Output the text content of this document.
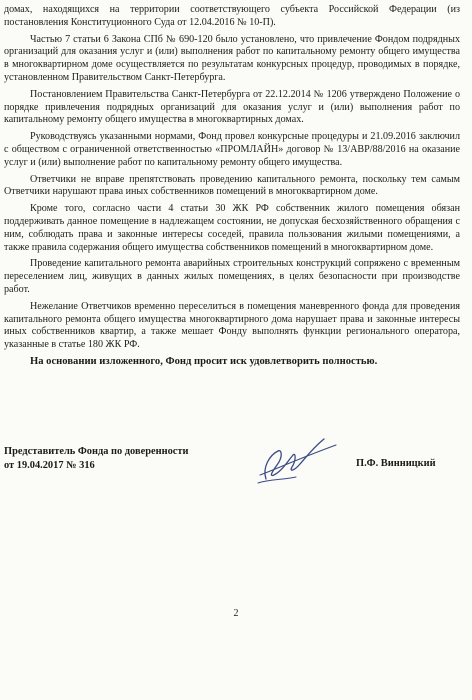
домах, находящихся на территории соответствующего субъекта Российской Федерации (из постановления Конституционного Суда от 12.04.2016 № 10-П).

Частью 7 статьи 6 Закона СПб № 690-120 было установлено, что привлечение Фондом подрядных организаций для оказания услуг и (или) выполнения работ по капитальному ремонту общего имущества в многоквартирном доме осуществляется по результатам конкурсных процедур, проводимых в порядке, установленном Правительством Санкт-Петербурга.

Постановлением Правительства Санкт-Петербурга от 22.12.2014 № 1206 утверждено Положение о порядке привлечения подрядных организаций для оказания услуг и (или) выполнения работ по капитальному ремонту общего имущества в многоквартирных домах.

Руководствуясь указанными нормами, Фонд провел конкурсные процедуры и 21.09.2016 заключил с обществом с ограниченной ответственностью «ПРОМЛАЙН» договор № 13/АВР/88/2016 на оказание услуг и (или) выполнение работ по капитальному ремонту общего имущества.

Ответчики не вправе препятствовать проведению капитального ремонта, поскольку тем самым Ответчики нарушают права иных собственников помещений в многоквартирном доме.

Кроме того, согласно части 4 статьи 30 ЖК РФ собственник жилого помещения обязан поддерживать данное помещение в надлежащем состоянии, не допуская бесхозяйственного обращения с ним, соблюдать права и законные интересы соседей, правила пользования жилыми помещениями, а также правила содержания общего имущества собственников помещений в многоквартирном доме.

Проведение капитального ремонта аварийных строительных конструкций сопряжено с временным переселением лиц, живущих в данных жилых помещениях, в целях безопасности при производстве работ.

Нежелание Ответчиков временно переселиться в помещения маневренного фонда для проведения капитального ремонта общего имущества многоквартирного дома нарушает права и законные интересы иных собственников квартир, а также мешает Фонду выполнять функции регионального оператора, указанные в статье 180 ЖК РФ.

На основании изложенного, Фонд просит иск удовлетворить полностью.

Представитель Фонда по доверенности
от 19.04.2017 № 316	П.Ф. Винницкий
2
